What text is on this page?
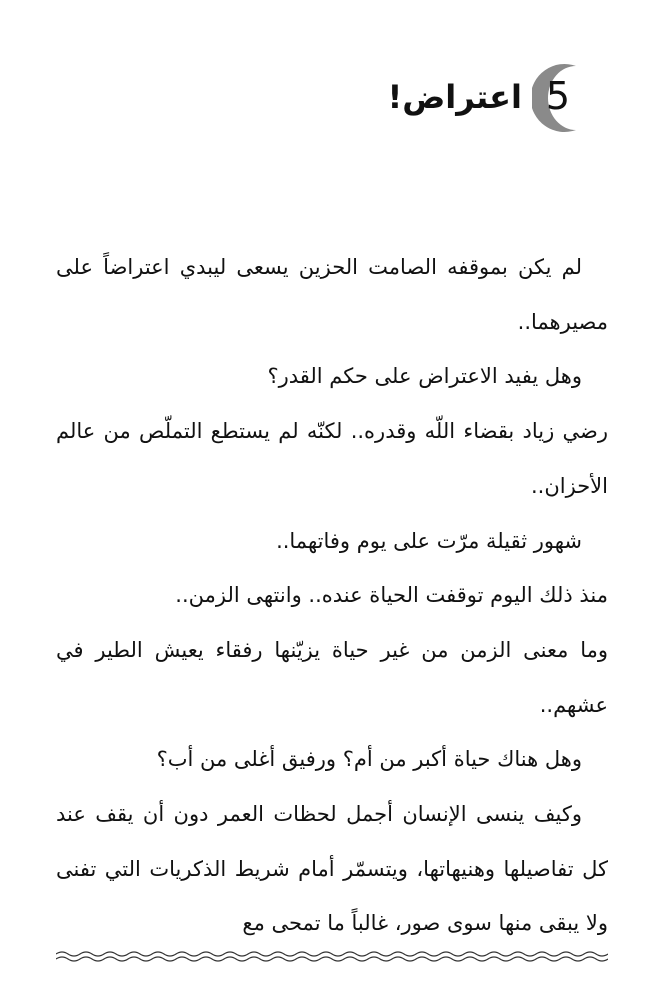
5
اعتراض!

لم يكن بموقفه الصامت الحزين يسعى ليبدي اعتراضاً على مصيرهما..

وهل يفيد الاعتراض على حكم القدر؟

رضي زياد بقضاء اللّه وقدره.. لكنّه لم يستطع التملّص من عالم الأحزان..

شهور ثقيلة مرّت على يوم وفاتهما..

منذ ذلك اليوم توقفت الحياة عنده.. وانتهى الزمن..

وما معنى الزمن من غير حياة يزيّنها رفقاء يعيش الطير في عشهم..

وهل هناك حياة أكبر من أم؟ ورفيق أغلى من أب؟

وكيف ينسى الإنسان أجمل لحظات العمر دون أن يقف عند كل تفاصيلها وهنيهاتها، ويتسمّر أمام شريط الذكريات التي تفنى ولا يبقى منها سوى صور، غالباً ما تمحى مع
